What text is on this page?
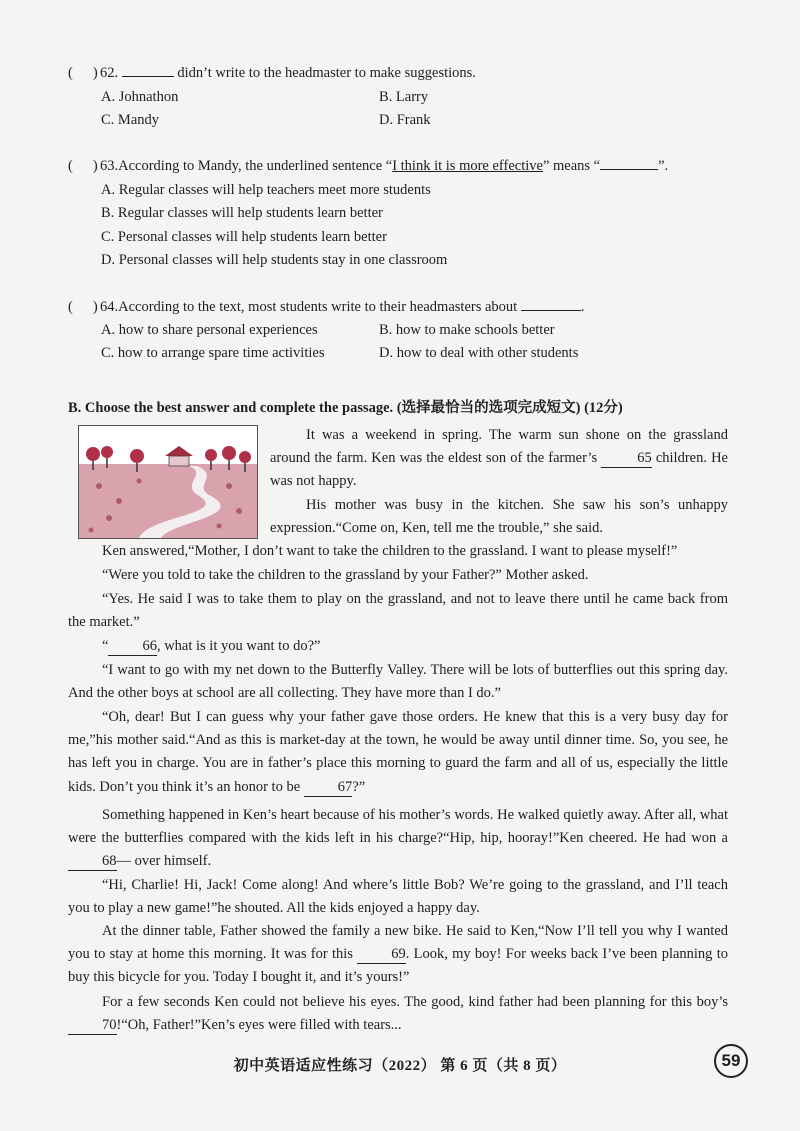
( ) 62.	didn’t write to the headmaster to make suggestions.
A. Johnathon	B. Larry
C. Mandy	D. Frank
( ) 63.According to Mandy, the underlined sentence “I think it is more effective” means “	”.
A. Regular classes will help teachers meet more students
B. Regular classes will help students learn better
C. Personal classes will help students learn better
D. Personal classes will help students stay in one classroom
( ) 64.According to the text, most students write to their headmasters about	.
A. how to share personal experiences	B. how to make schools better
C. how to arrange spare time activities	D. how to deal with other students
B. Choose the best answer and complete the passage. (选择最恰当的选项完成短文) (12分)
It was a weekend in spring. The warm sun shone on the grassland around the farm. Ken was the eldest son of the farmer’s 65 children. He was not happy.
His mother was busy in the kitchen. She saw his son’s unhappy expression.“Come on, Ken, tell me the trouble,” she said.
Ken answered,“Mother, I don’t want to take the children to the grassland. I want to please myself!”
“Were you told to take the children to the grassland by your Father?” Mother asked.
“Yes. He said I was to take them to play on the grassland, and not to leave there until he came back from the market.”
“ 66, what is it you want to do?”
“I want to go with my net down to the Butterfly Valley. There will be lots of butterflies out this spring day. And the other boys at school are all collecting. They have more than I do.”
“Oh, dear! But I can guess why your father gave those orders. He knew that this is a very busy day for me,”his mother said.“And as this is market-day at the town, he would be away until dinner time. So, you see, he has left you in charge. You are in father’s place this morning to guard the farm and all of us, especially the little kids. Don’t you think it’s an honor to be 67?”
Something happened in Ken’s heart because of his mother’s words. He walked quietly away. After all, what were the butterflies compared with the kids left in his charge?“Hip, hip, hooray!”Ken cheered. He had won a 68— over himself.
“Hi, Charlie! Hi, Jack! Come along! And where’s little Bob? We’re going to the grassland, and I’ll teach you to play a new game!”he shouted. All the kids enjoyed a happy day.
At the dinner table, Father showed the family a new bike. He said to Ken,“Now I’ll tell you why I wanted you to stay at home this morning. It was for this 69. Look, my boy! For weeks back I’ve been planning to buy this bicycle for you. Today I bought it, and it’s yours!”
For a few seconds Ken could not believe his eyes. The good, kind father had been planning for this boy’s 70!“Oh, Father!”Ken’s eyes were filled with tears...
初中英语适应性练习（2022） 第 6 页（共 8 页）	59
